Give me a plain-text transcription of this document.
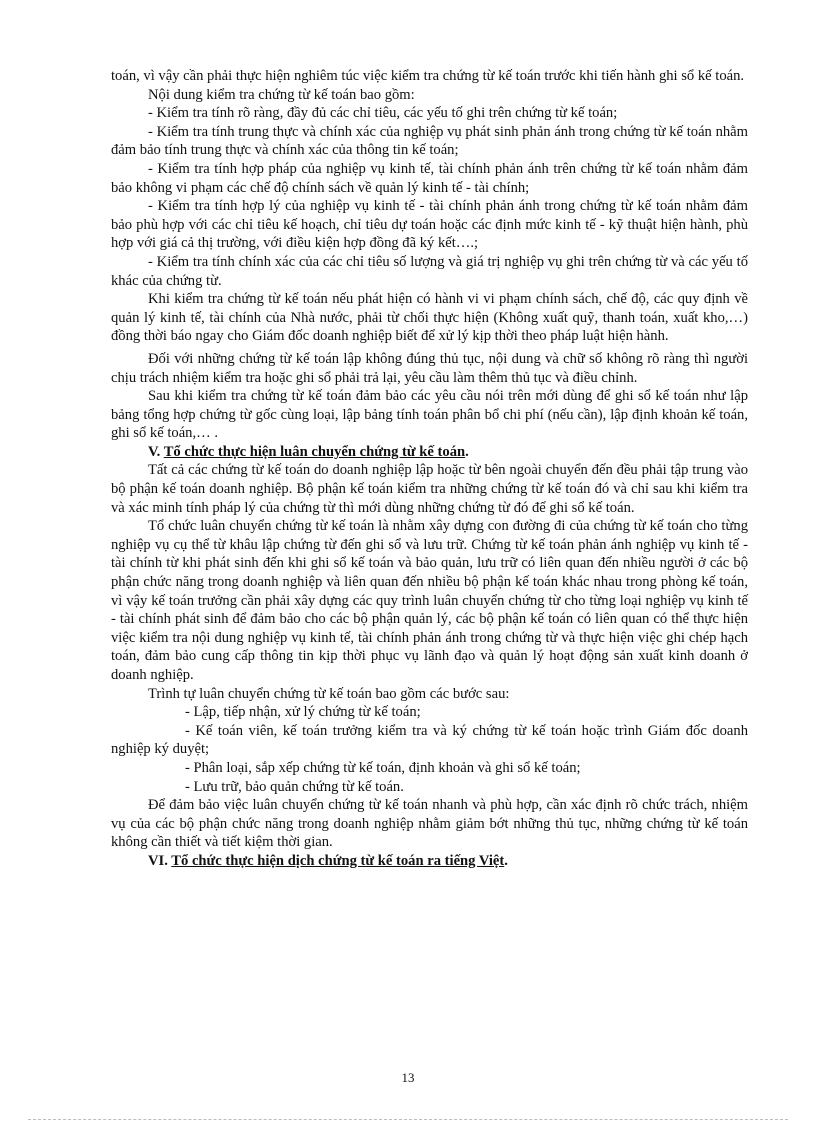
toán, vì vậy cần phải thực hiện nghiêm túc việc kiểm tra chứng từ kế toán trước khi tiến hành ghi sổ kế toán.

Nội dung kiểm tra chứng từ kế toán bao gồm:

- Kiểm tra tính rõ ràng, đầy đủ các chỉ tiêu, các yếu tố ghi trên chứng từ kế toán;

- Kiểm tra tính trung thực và chính xác của nghiệp vụ phát sinh phản ánh trong chứng từ kế toán nhằm đảm bảo tính trung thực và chính xác của thông tin kế toán;

- Kiểm tra tính hợp pháp của nghiệp vụ kinh tế, tài chính phản ánh trên chứng từ kế toán nhằm đảm bảo không vi phạm các chế độ chính sách về quản lý kinh tế - tài chính;

- Kiểm tra tính hợp lý của nghiệp vụ kinh tế - tài chính phản ánh trong chứng từ kế toán nhằm đảm bảo phù hợp với các chỉ tiêu kế hoạch, chỉ tiêu dự toán hoặc các định mức kinh tế - kỹ thuật hiện hành, phù hợp với giá cả thị trường, với điều kiện hợp đồng đã ký kết….;

- Kiểm tra tính chính xác của các chỉ tiêu số lượng và giá trị nghiệp vụ ghi trên chứng từ và các yếu tố khác của chứng từ.

Khi kiểm tra chứng từ kế toán nếu phát hiện có hành vi vi phạm chính sách, chế độ, các quy định về quản lý kinh tế, tài chính của Nhà nước, phải từ chối thực hiện (Không xuất quỹ, thanh toán, xuất kho,…) đồng thời báo ngay cho Giám đốc doanh nghiệp biết để xử lý kịp thời theo pháp luật hiện hành.

Đối với những chứng từ kế toán lập không đúng thủ tục, nội dung và chữ số không rõ ràng thì người chịu trách nhiệm kiểm tra hoặc ghi sổ phải trả lại, yêu cầu làm thêm thủ tục và điều chỉnh.

Sau khi kiểm tra chứng từ kế toán đảm bảo các yêu cầu nói trên mới dùng để ghi sổ kế toán như lập bảng tổng hợp chứng từ gốc cùng loại, lập bảng tính toán phân bổ chi phí (nếu cần), lập định khoản kế toán, ghi sổ kế toán,… .

V. Tổ chức thực hiện luân chuyển chứng từ kế toán.

Tất cả các chứng từ kế toán do doanh nghiệp lập hoặc từ bên ngoài chuyển đến đều phải tập trung vào bộ phận kế toán doanh nghiệp. Bộ phận kế toán kiểm tra những chứng từ kế toán đó và chỉ sau khi kiểm tra và xác minh tính pháp lý của chứng từ thì mới dùng những chứng từ đó để ghi sổ kế toán.

Tổ chức luân chuyển chứng từ kế toán là nhằm xây dựng con đường đi của chứng từ kế toán cho từng nghiệp vụ cụ thể từ khâu lập chứng từ đến ghi sổ và lưu trữ. Chứng từ kế toán phản ánh nghiệp vụ kinh tế - tài chính từ khi phát sinh đến khi ghi sổ kế toán và bảo quản, lưu trữ có liên quan đến nhiều người ở các bộ phận chức năng trong doanh nghiệp và liên quan đến nhiều bộ phận kế toán khác nhau trong phòng kế toán, vì vậy kế toán trưởng cần phải xây dựng các quy trình luân chuyển chứng từ cho từng loại nghiệp vụ kinh tế - tài chính phát sinh để đảm bảo cho các bộ phận quản lý, các bộ phận kế toán có liên quan có thể thực hiện việc kiểm tra nội dung nghiệp vụ kinh tế, tài chính phản ánh trong chứng từ và thực hiện việc ghi chép hạch toán, đảm bảo cung cấp thông tin kịp thời phục vụ lãnh đạo và quản lý hoạt động sản xuất kinh doanh ở doanh nghiệp.

Trình tự luân chuyển chứng từ kế toán bao gồm các bước sau:

- Lập, tiếp nhận, xử lý chứng từ kế toán;

- Kế toán viên, kế toán trưởng kiểm tra và ký chứng từ kế toán hoặc trình Giám đốc doanh nghiệp ký duyệt;

- Phân loại, sắp xếp chứng từ kế toán, định khoản và ghi sổ kế toán;

- Lưu trữ, bảo quản chứng từ kế toán.

Để đảm bảo việc luân chuyển chứng từ kế toán nhanh và phù hợp, cần xác định rõ chức trách, nhiệm vụ của các bộ phận chức năng trong doanh nghiệp nhằm giảm bớt những thủ tục, những chứng từ kế toán không cần thiết và tiết kiệm thời gian.

VI. Tổ chức thực hiện dịch chứng từ kế toán ra tiếng Việt.

13
